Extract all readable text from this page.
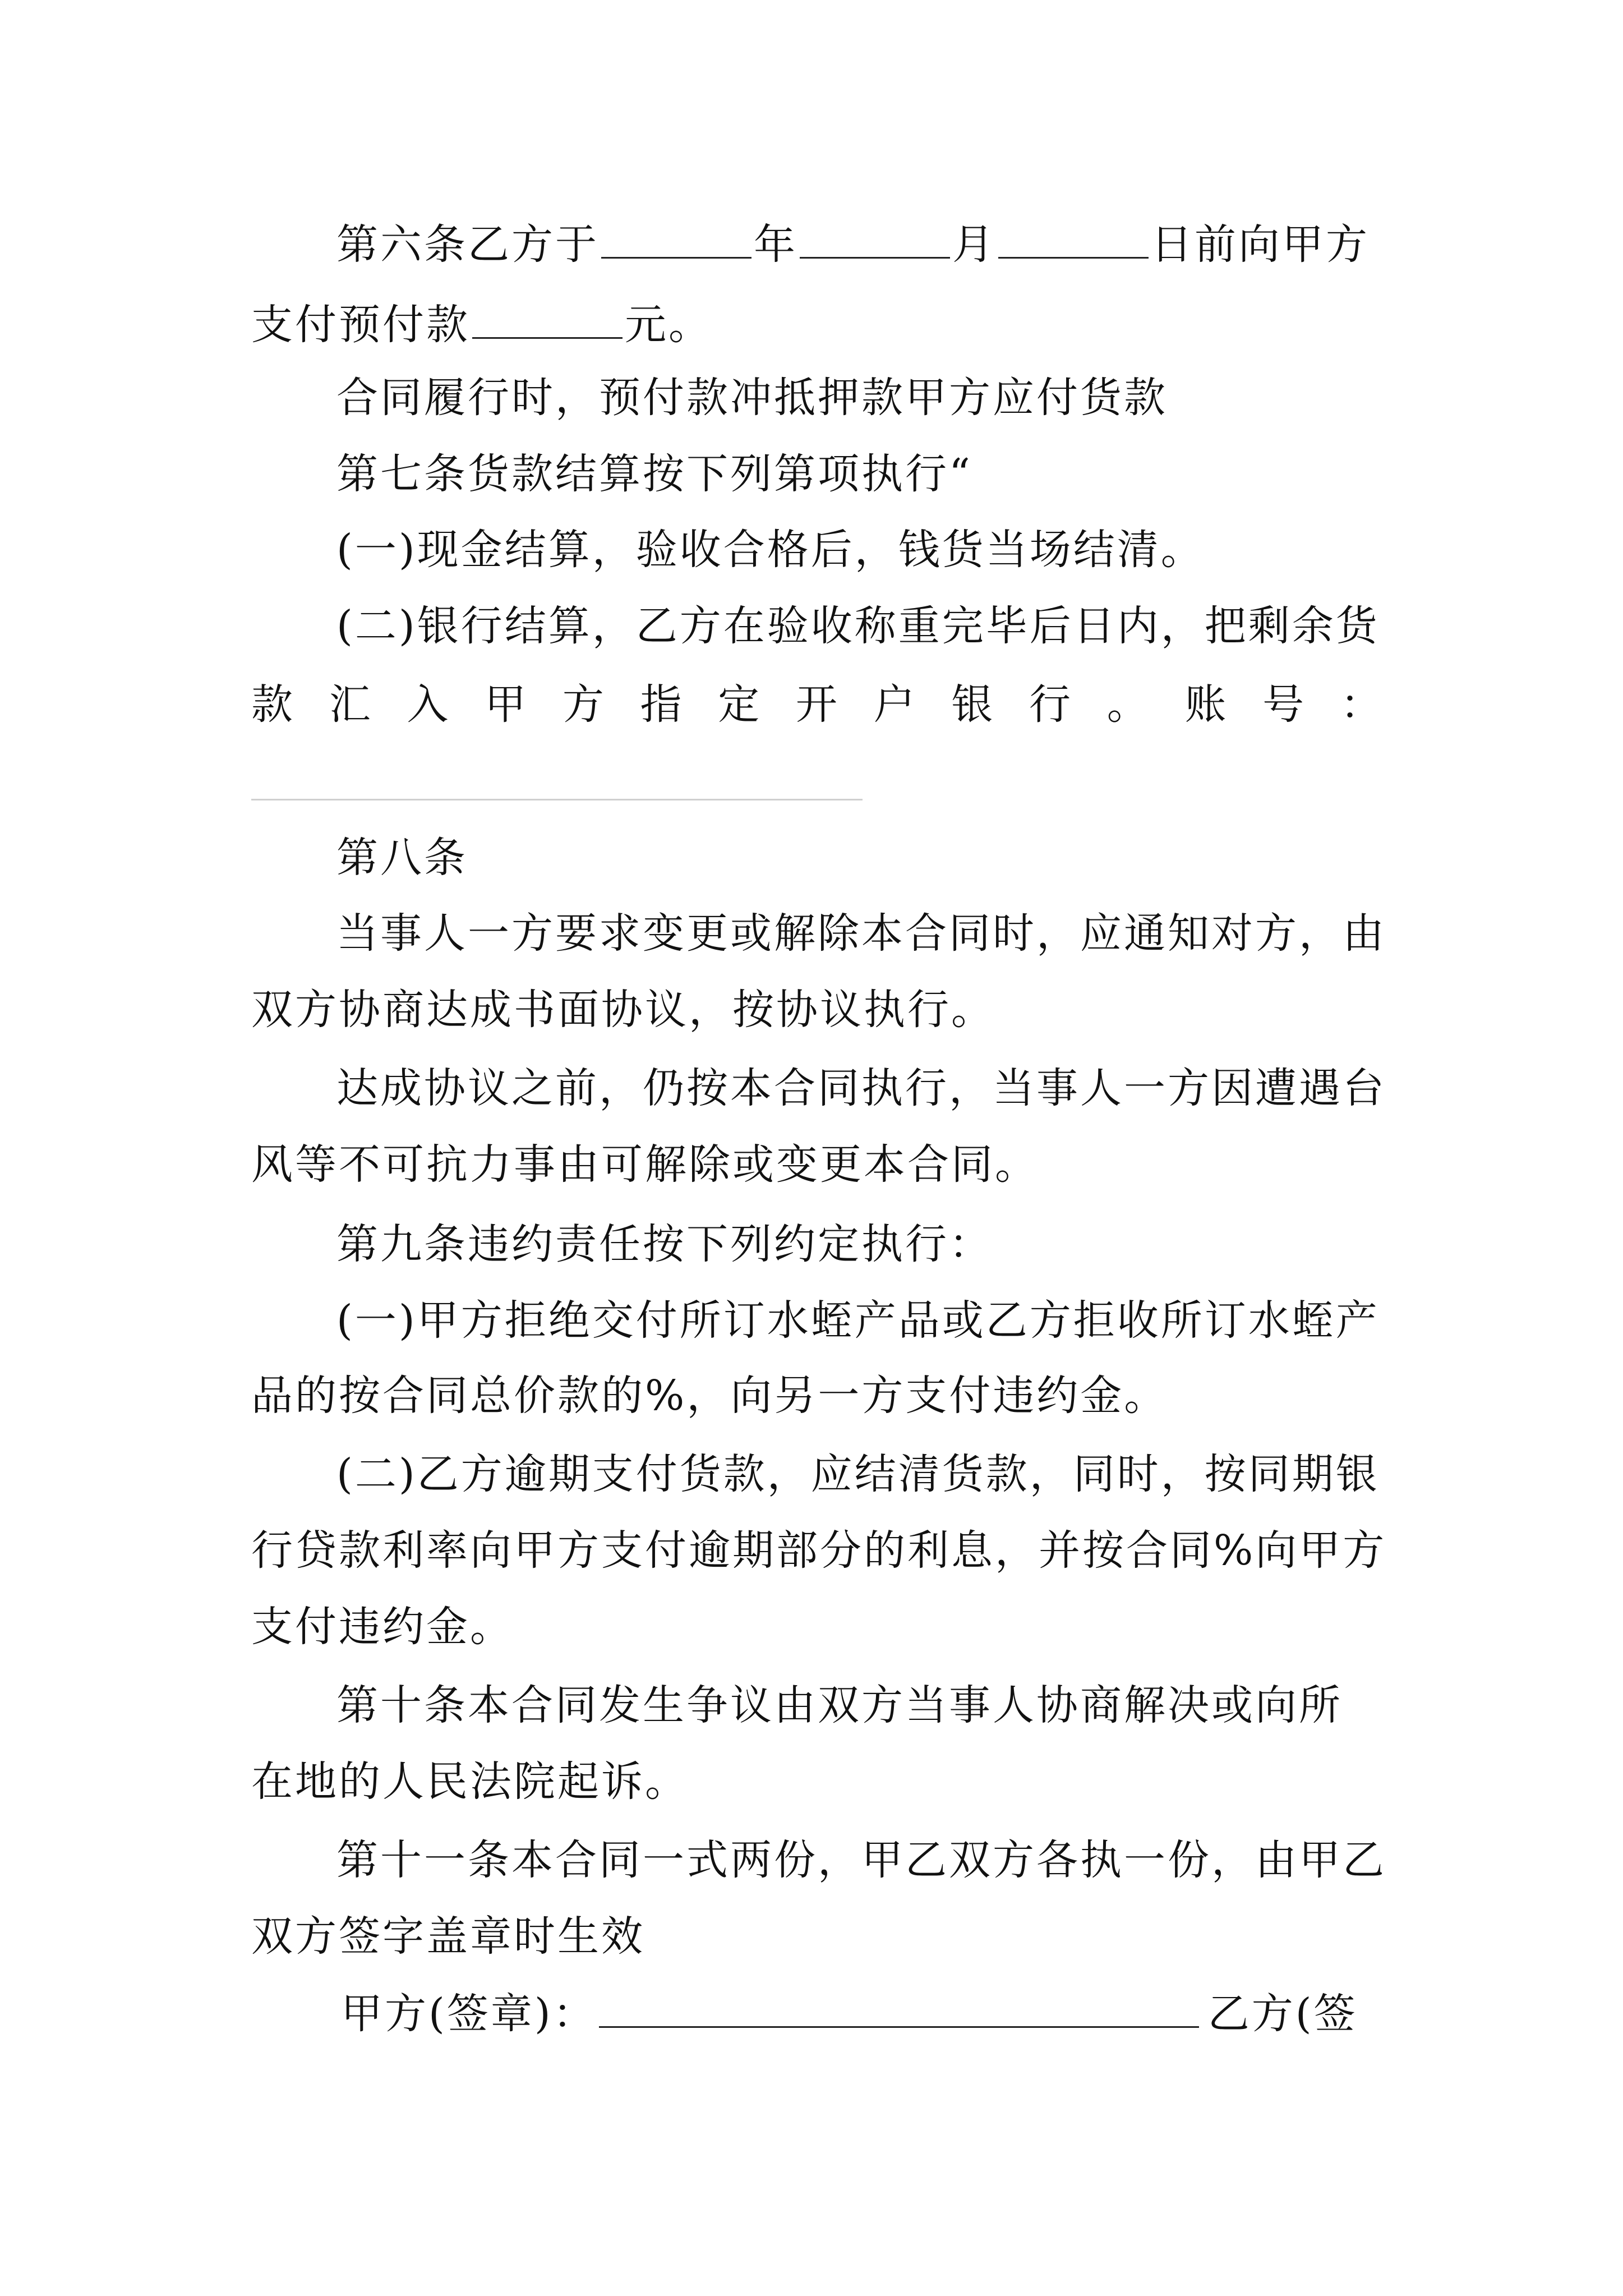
第六条乙方于	年	月	日前向甲方

支付预付款	元。

合同履行时，预付款冲抵押款甲方应付货款

第七条货款结算按下列第项执行“

(一)现金结算，验收合格后，钱货当场结清。

(二)银行结算，乙方在验收称重完毕后日内，把剩余货

款 汇 入 甲 方 指 定 开 户 银 行 。 账 号 ：

第八条

当事人一方要求变更或解除本合同时，应通知对方，由

双方协商达成书面协议，按协议执行。

达成协议之前，仍按本合同执行，当事人一方因遭遇台

风等不可抗力事由可解除或变更本合同。

第九条违约责任按下列约定执行：

(一)甲方拒绝交付所订水蛭产品或乙方拒收所订水蛭产

品的按合同总价款的%，向另一方支付违约金。

(二)乙方逾期支付货款，应结清货款，同时，按同期银

行贷款利率向甲方支付逾期部分的利息，并按合同%向甲方

支付违约金。

第十条本合同发生争议由双方当事人协商解决或向所

在地的人民法院起诉。

第十一条本合同一式两份，甲乙双方各执一份，由甲乙

双方签字盖章时生效

甲方(签章)：	乙方(签
